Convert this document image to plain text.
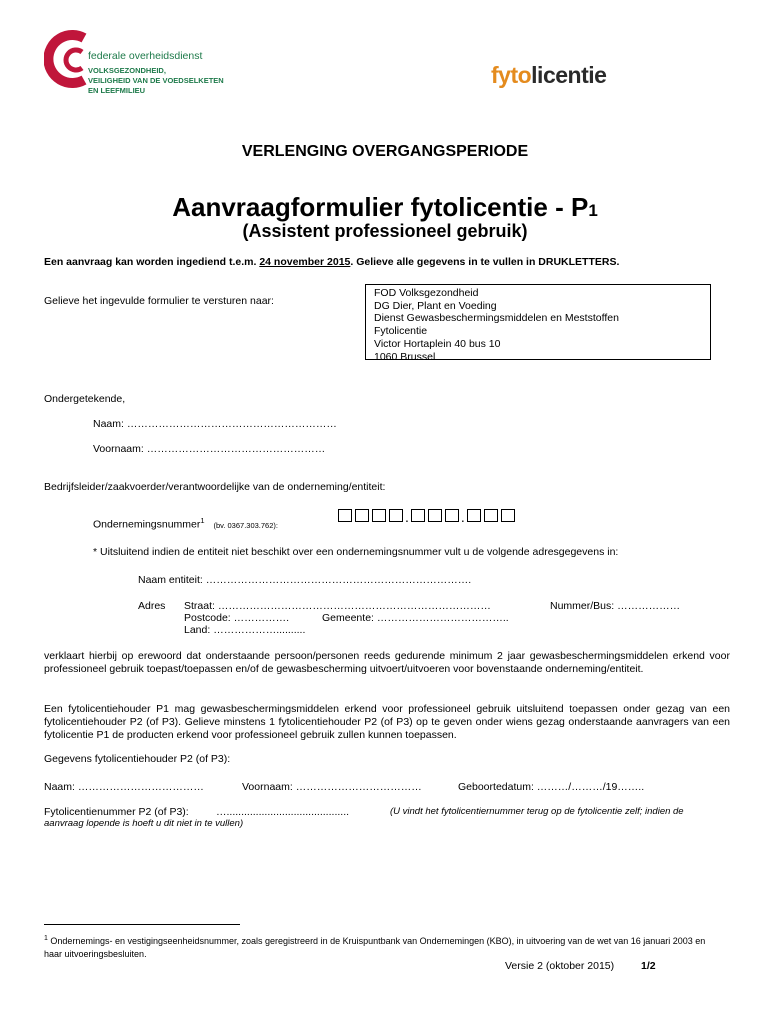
federale overheidsdienst
VOLKSGEZONDHEID,
VEILIGHEID VAN DE VOEDSELKETEN
EN LEEFMILIEU
fytolicentie
VERLENGING OVERGANGSPERIODE
Aanvraagformulier fytolicentie - P1
(Assistent professioneel gebruik)
Een aanvraag kan worden ingediend t.e.m. 24 november 2015. Gelieve alle gegevens in te vullen in DRUKLETTERS.
Gelieve het ingevulde formulier te versturen naar:
FOD Volksgezondheid
DG Dier, Plant en Voeding
Dienst Gewasbeschermingsmiddelen en Meststoffen
Fytolicentie
Victor Hortaplein 40 bus 10
1060 Brussel
Ondergetekende,
Naam: ……………………………………………………
Voornaam: ……………………………………………
Bedrijfsleider/zaakvoerder/verantwoordelijke van de onderneming/entiteit:
Ondernemingsnummer$^1$ (bv. 0367.303.762):	.	.
* Uitsluitend indien de entiteit niet beschikt over een ondernemingsnummer vult u de volgende adresgegevens in:
Naam entiteit: ………………………………………………………………….
Adres Straat: ……………………………………………………………………	Nummer/Bus: ………………
Postcode: …………….	Gemeente: ………………………………..
Land: ………………..........
verklaart hierbij op erewoord dat onderstaande persoon/personen reeds gedurende minimum 2 jaar gewasbeschermingsmiddelen erkend voor professioneel gebruik toepast/toepassen en/of de gewasbescherming uitvoert/uitvoeren voor bovenstaande onderneming/entiteit.
Een fytolicentiehouder P1 mag gewasbeschermingsmiddelen erkend voor professioneel gebruik uitsluitend toepassen onder gezag van een fytolicentiehouder P2 (of P3). Gelieve minstens 1 fytolicentiehouder P2 (of P3) op te geven onder wiens gezag onderstaande aanvragers van een fytolicentie P1 de producten erkend voor professioneel gebruik zullen kunnen toepassen.
Gegevens fytolicentiehouder P2 (of P3):
Naam: ………………………………	Voornaam: ………………………………	Geboortedatum: ………/………/19……..
Fytolicentienummer P2 (of P3):	…..........................................	(U vindt het fytolicentiernummer terug op de fytolicentie zelf; indien de
aanvraag lopende is hoeft u dit niet in te vullen)
$^1$ Ondernemings- en vestigingseenheidsnummer, zoals geregistreerd in de Kruispuntbank van Ondernemingen (KBO), in uitvoering van de wet van 16 januari 2003 en haar uitvoeringsbesluiten.
Versie 2 (oktober 2015)	1/2
